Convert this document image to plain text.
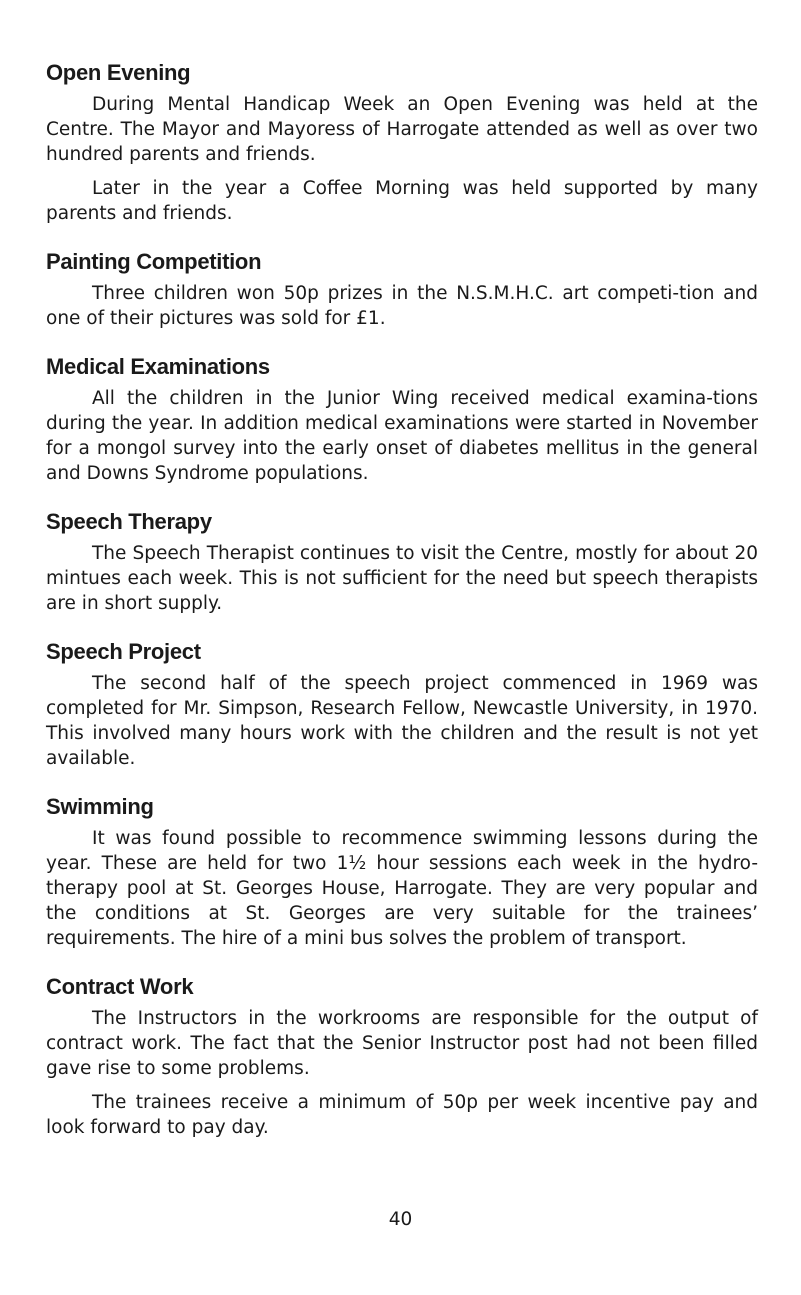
Open Evening

During Mental Handicap Week an Open Evening was held at the Centre. The Mayor and Mayoress of Harrogate attended as well as over two hundred parents and friends.

Later in the year a Coffee Morning was held supported by many parents and friends.

Painting Competition

Three children won 50p prizes in the N.S.M.H.C. art competi-tion and one of their pictures was sold for £1.

Medical Examinations

All the children in the Junior Wing received medical examina-tions during the year. In addition medical examinations were started in November for a mongol survey into the early onset of diabetes mellitus in the general and Downs Syndrome populations.

Speech Therapy

The Speech Therapist continues to visit the Centre, mostly for about 20 mintues each week. This is not sufficient for the need but speech therapists are in short supply.

Speech Project

The second half of the speech project commenced in 1969 was completed for Mr. Simpson, Research Fellow, Newcastle University, in 1970. This involved many hours work with the children and the result is not yet available.

Swimming

It was found possible to recommence swimming lessons during the year. These are held for two 1½ hour sessions each week in the hydro-therapy pool at St. Georges House, Harrogate. They are very popular and the conditions at St. Georges are very suitable for the trainees’ requirements. The hire of a mini bus solves the problem of transport.

Contract Work

The Instructors in the workrooms are responsible for the output of contract work. The fact that the Senior Instructor post had not been filled gave rise to some problems.

The trainees receive a minimum of 50p per week incentive pay and look forward to pay day.

40
